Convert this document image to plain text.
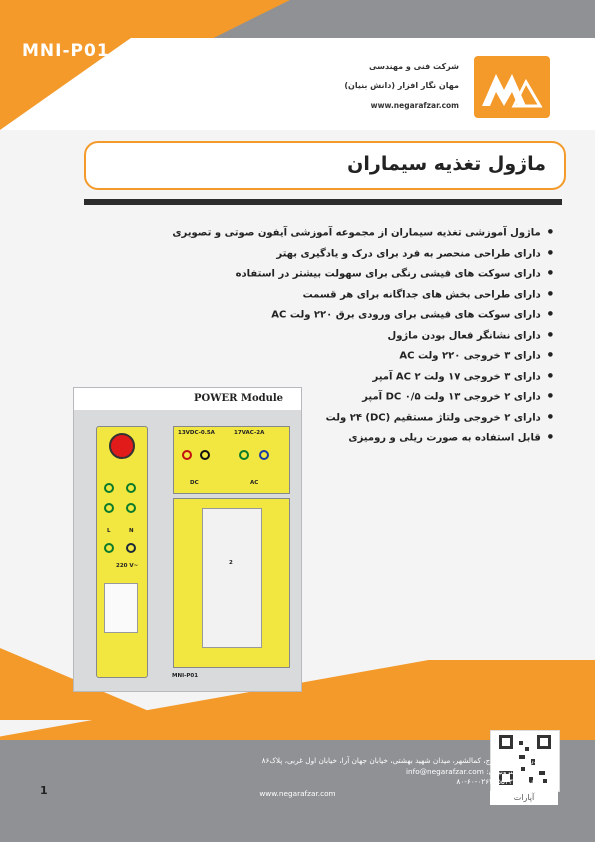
MNI-P01
شرکت فنی و مهندسی
مهان نگار افزار (دانش بنیان)
www.negarafzar.com
ماژول تغذیه سیماران
● ماژول آموزشی تغذیه سیماران از مجموعه آموزشی آیفون صوتی و تصویری
● دارای طراحی منحصر به فرد برای درک و یادگیری بهتر
● دارای سوکت های فیشی رنگی برای سهولت بیشتر در استفاده
● دارای طراحی بخش های جداگانه برای هر قسمت
● دارای سوکت های فیشی برای ورودی برق ۲۲۰ ولت AC
● دارای نشانگر فعال بودن ماژول
● دارای ۳ خروجی ۲۲۰ ولت AC
● دارای ۳ خروجی ۱۷ ولت AC ۲ آمپر
● دارای ۲ خروجی ۱۳ ولت DC ۰/۵ آمپر
● دارای ۲ خروجی ولتاژ مستقیم (DC) ۲۴ ولت
● قابل استفاده به صورت ریلی و رومیزی
POWER Module
220 V~
L	N
13VDC-0.5A	17VAC-2A
DC	AC
2
MNI-P01
آپارات
آدرس: البرز، کرج، کمالشهر، میدان شهید بهشتی، خیابان جهان آرا، خیابان اول غربی، پلاک۸۶
پست الکترونیکی: info@negarafzar.com
تلفن: ۰۲۶۳۲۵۵۴۳۲۰-۶۰-۸۰
www.negarafzar.com
1
